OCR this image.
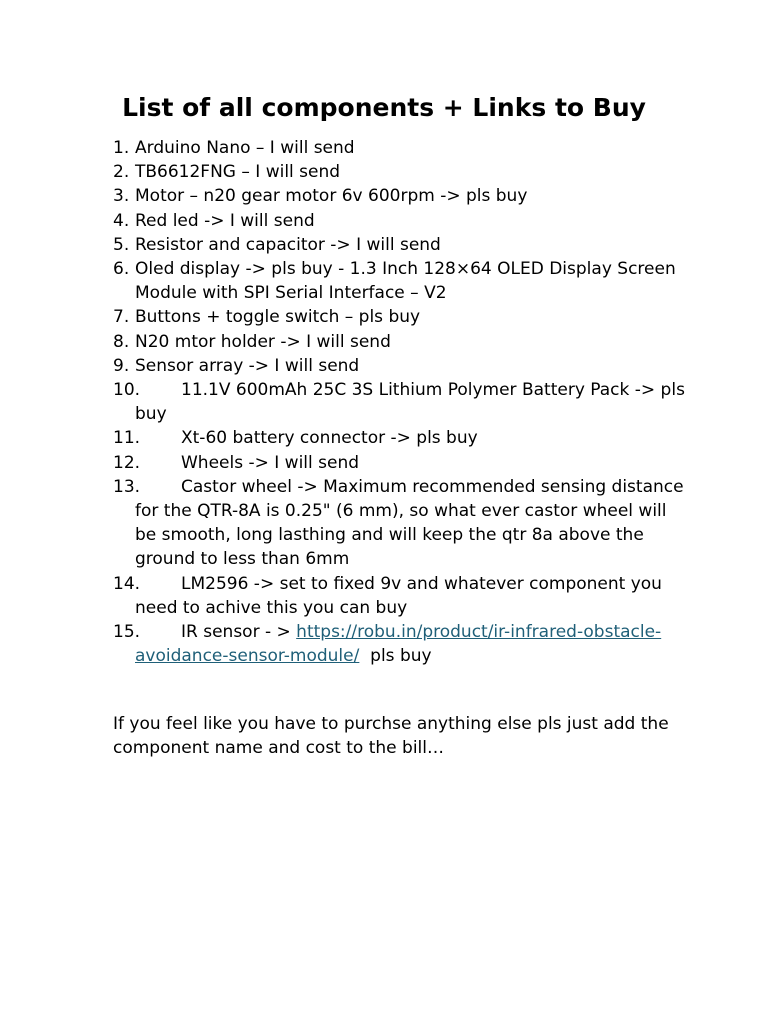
List of all components + Links to Buy
1. Arduino Nano – I will send
2. TB6612FNG – I will send
3. Motor – n20 gear motor 6v 600rpm -> pls buy
4. Red led -> I will send
5. Resistor and capacitor -> I will send
6. Oled display -> pls buy - 1.3 Inch 128×64 OLED Display Screen Module with SPI Serial Interface – V2
7. Buttons + toggle switch – pls buy
8. N20 mtor holder -> I will send
9. Sensor array -> I will send
10. 11.1V 600mAh 25C 3S Lithium Polymer Battery Pack -> pls buy
11. Xt-60 battery connector -> pls buy
12. Wheels -> I will send
13. Castor wheel -> Maximum recommended sensing distance for the QTR-8A is 0.25" (6 mm), so what ever castor wheel will be smooth, long lasthing and will keep the qtr 8a above the ground to less than 6mm
14. LM2596 -> set to fixed 9v and whatever component you need to achive this you can buy
15. IR sensor - > https://robu.in/product/ir-infrared-obstacle-avoidance-sensor-module/  pls buy

If you feel like you have to purchse anything else pls just add the component name and cost to the bill…
